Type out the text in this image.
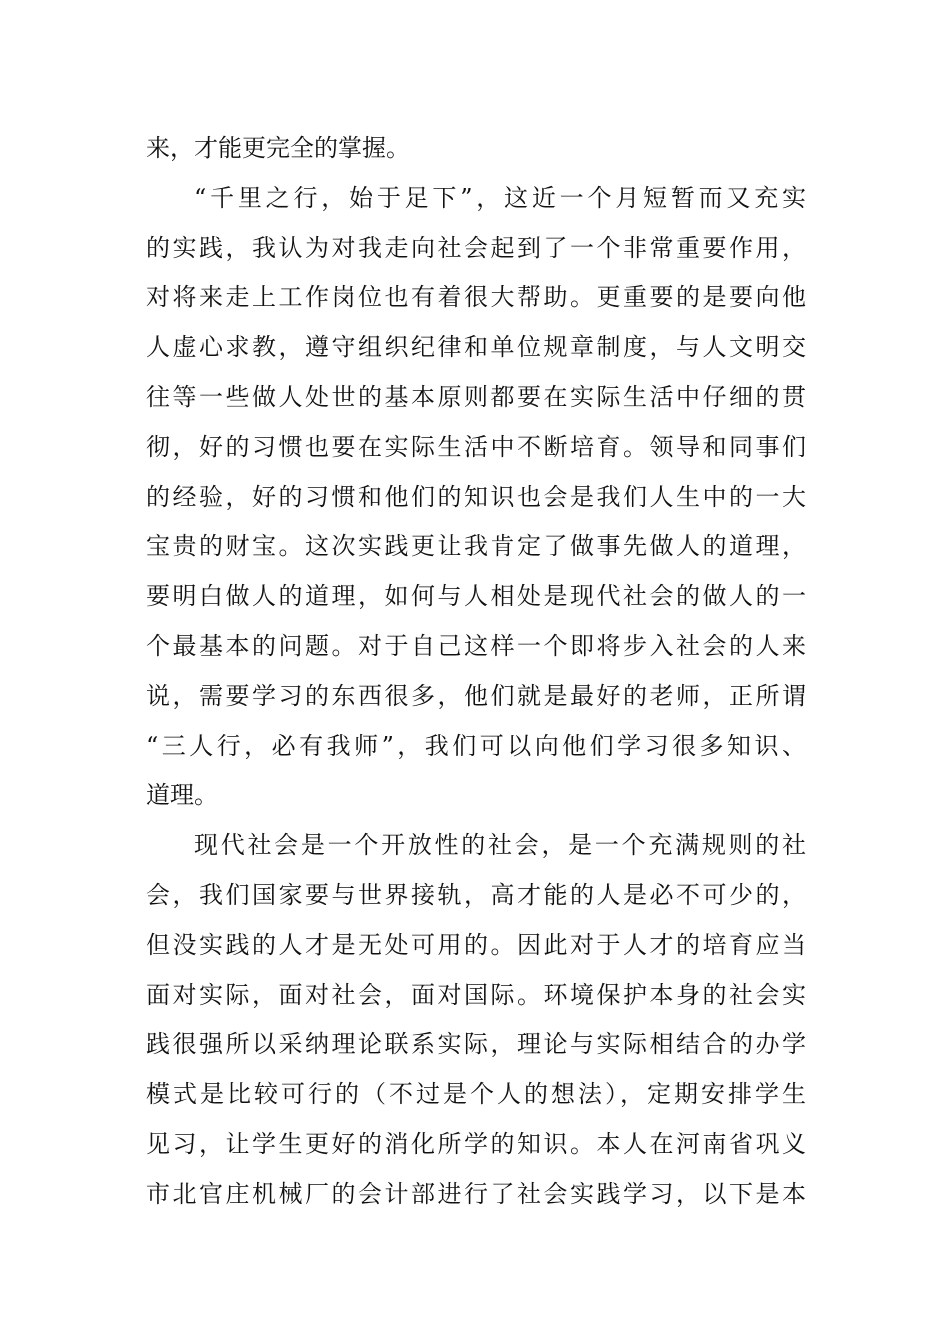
来，才能更完全的掌握。
“千里之行，始于足下”，这近一个月短暂而又充实
的实践，我认为对我走向社会起到了一个非常重要作用，
对将来走上工作岗位也有着很大帮助。更重要的是要向他
人虚心求教，遵守组织纪律和单位规章制度，与人文明交
往等一些做人处世的基本原则都要在实际生活中仔细的贯
彻，好的习惯也要在实际生活中不断培育。领导和同事们
的经验，好的习惯和他们的知识也会是我们人生中的一大
宝贵的财宝。这次实践更让我肯定了做事先做人的道理，
要明白做人的道理，如何与人相处是现代社会的做人的一
个最基本的问题。对于自己这样一个即将步入社会的人来
说，需要学习的东西很多，他们就是最好的老师，正所谓
“三人行，必有我师”，我们可以向他们学习很多知识、
道理。
现代社会是一个开放性的社会，是一个充满规则的社
会，我们国家要与世界接轨，高才能的人是必不可少的，
但没实践的人才是无处可用的。因此对于人才的培育应当
面对实际，面对社会，面对国际。环境保护本身的社会实
践很强所以采纳理论联系实际，理论与实际相结合的办学
模式是比较可行的（不过是个人的想法），定期安排学生
见习，让学生更好的消化所学的知识。本人在河南省巩义
市北官庄机械厂的会计部进行了社会实践学习，以下是本
